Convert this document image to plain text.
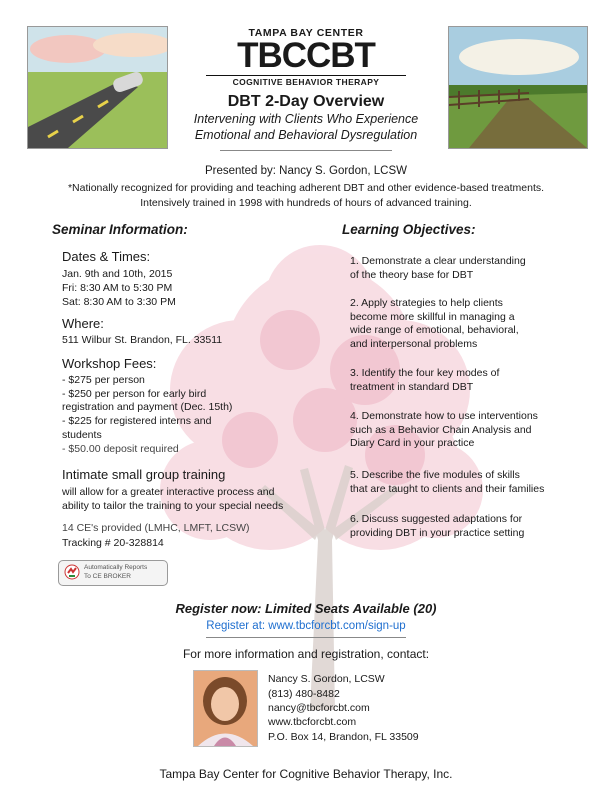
TAMPA BAY CENTER
TBCCBT
COGNITIVE BEHAVIOR THERAPY
DBT 2-Day Overview
Intervening with Clients Who Experience
Emotional and Behavioral Dysregulation
Presented by: Nancy S. Gordon, LCSW
*Nationally recognized for providing and teaching adherent DBT and other evidence-based treatments.
Intensively trained in 1998 with hundreds of hours of advanced training.
Seminar Information:
Dates & Times:
Jan. 9th and 10th, 2015
Fri: 8:30 AM to 5:30 PM
Sat: 8:30 AM to 3:30 PM
Where:
511 Wilbur St. Brandon, FL. 33511
Workshop Fees:
- $275 per person
- $250 per person for early bird
registration and payment (Dec. 15th)
- $225 for registered interns and
students
- $50.00 deposit required
Intimate small group training
will allow for a greater interactive process and
ability to tailor the training to your special needs
14 CE's provided (LMHC, LMFT, LCSW)
Tracking # 20-328814
Automatically Reports
To CE BROKER
Learning Objectives:
1. Demonstrate a clear understanding
of the theory base for DBT
2. Apply strategies to help clients
become more skillful in managing a
wide range of emotional, behavioral,
and interpersonal problems
3. Identify the four key modes of
treatment in standard DBT
4. Demonstrate how to use interventions
such as a Behavior Chain Analysis and
Diary Card in your practice
5. Describe the five modules of skills
that are taught to clients and their families
6. Discuss suggested adaptations for
providing DBT in your practice setting
Register now: Limited Seats Available (20)
Register at: www.tbcforcbt.com/sign-up
For more information and registration, contact:
Nancy S. Gordon, LCSW
(813) 480-8482
nancy@tbcforcbt.com
www.tbcforcbt.com
P.O. Box 14, Brandon, FL 33509
Tampa Bay Center for Cognitive Behavior Therapy, Inc.
